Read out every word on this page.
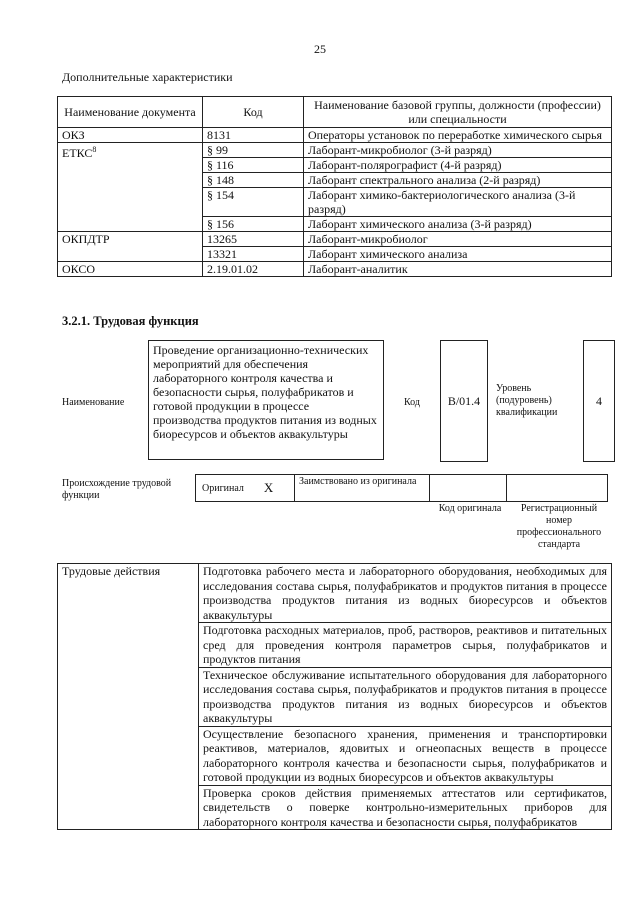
25
Дополнительные характеристики
Наименование документа	Код	Наименование базовой группы, должности (профессии) или специальности
ОКЗ	8131	Операторы установок по переработке химического сырья
ЕТКС$^8$	§ 99	Лаборант-микробиолог (3-й разряд)
	§ 116	Лаборант-полярографист (4-й разряд)
	§ 148	Лаборант спектрального анализа (2-й разряд)
	§ 154	Лаборант химико-бактериологического анализа (3-й разряд)
	§ 156	Лаборант химического анализа (3-й разряд)
ОКПДТР	13265	Лаборант-микробиолог
	13321	Лаборант химического анализа
ОКСО	2.19.01.02	Лаборант-аналитик
3.2.1. Трудовая функция
Наименование
Проведение организационно-технических мероприятий для обеспечения лабораторного контроля качества и безопасности сырья, полуфабрикатов и готовой продукции в процессе производства продуктов питания из водных биоресурсов и объектов аквакультуры
Код	B/01.4
Уровень (подуровень) квалификации
4
Происхождение трудовой функции
Оригинал X	Заимствовано из оригинала
Код оригинала	Регистрационный номер профессионального стандарта
Трудовые действия	Подготовка рабочего места и лабораторного оборудования, необходимых для исследования состава сырья, полуфабрикатов и продуктов питания в процессе производства продуктов питания из водных биоресурсов и объектов аквакультуры
Подготовка расходных материалов, проб, растворов, реактивов и питательных сред для проведения контроля параметров сырья, полуфабрикатов и продуктов питания
Техническое обслуживание испытательного оборудования для лабораторного исследования состава сырья, полуфабрикатов и продуктов питания в процессе производства продуктов питания из водных биоресурсов и объектов аквакультуры
Осуществление безопасного хранения, применения и транспортировки реактивов, материалов, ядовитых и огнеопасных веществ в процессе лабораторного контроля качества и безопасности сырья, полуфабрикатов и готовой продукции из водных биоресурсов и объектов аквакультуры
Проверка сроков действия применяемых аттестатов или сертификатов, свидетельств о поверке контрольно-измерительных приборов для лабораторного контроля качества и безопасности сырья, полуфабрикатов
